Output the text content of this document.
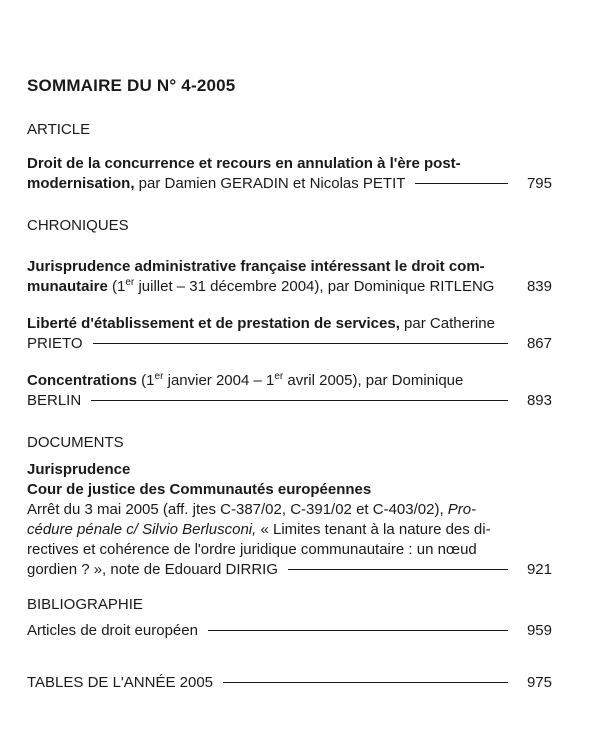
SOMMAIRE DU N° 4-2005
ARTICLE

Droit de la concurrence et recours en annulation à l'ère post-

modernisation, par Damien GERADIN et Nicolas PETIT	795
CHRONIQUES

Jurisprudence administrative française intéressant le droit com-

munautaire (1er juillet – 31 décembre 2004), par Dominique RITLENG	839

Liberté d'établissement et de prestation de services, par Catherine

PRIETO	867

Concentrations (1er janvier 2004 – 1er avril 2005), par Dominique

BERLIN	893
DOCUMENTS

Jurisprudence

Cour de justice des Communautés européennes

Arrêt du 3 mai 2005 (aff. jtes C-387/02, C-391/02 et C-403/02), Pro-

cédure pénale c/ Silvio Berlusconi, « Limites tenant à la nature des di-

rectives et cohérence de l'ordre juridique communautaire : un nœud

gordien ? », note de Edouard DIRRIG	921
BIBLIOGRAPHIE
Articles de droit européen	959
TABLES DE L'ANNÉE 2005	975
